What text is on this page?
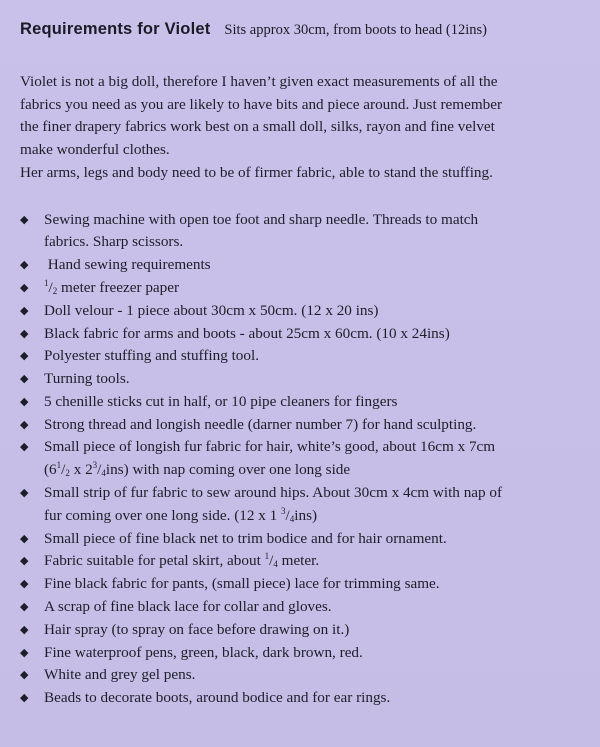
Requirements for Violet Sits approx 30cm, from boots to head (12ins)

Violet is not a big doll, therefore I haven’t given exact measurements of all the

fabrics you need as you are likely to have bits and piece around. Just remember

the finer drapery fabrics work best on a small doll, silks, rayon and fine velvet

make wonderful clothes.

Her arms, legs and body need to be of firmer fabric, able to stand the stuffing.

◆ Sewing machine with open toe foot and sharp needle. Threads to match
fabrics. Sharp scissors.
◆ Hand sewing requirements
◆ $^1/_2$ meter freezer paper
◆ Doll velour - 1 piece about 30cm x 50cm. (12 x 20 ins)
◆ Black fabric for arms and boots - about 25cm x 60cm. (10 x 24ins)
◆ Polyester stuffing and stuffing tool.
◆ Turning tools.
◆ 5 chenille sticks cut in half, or 10 pipe cleaners for fingers
◆ Strong thread and longish needle (darner number 7) for hand sculpting.
◆ Small piece of longish fur fabric for hair, white’s good, about 16cm x 7cm
($6^1/_2$ x $2^3/_4ins$) with nap coming over one long side
◆ Small strip of fur fabric to sew around hips. About 30cm x 4cm with nap of
fur coming over one long side. (12 x 1 $^3/_4ins$)
◆ Small piece of fine black net to trim bodice and for hair ornament.
◆ Fabric suitable for petal skirt, about $^1/_4$ meter.
◆ Fine black fabric for pants, (small piece) lace for trimming same.
◆ A scrap of fine black lace for collar and gloves.
◆ Hair spray (to spray on face before drawing on it.)
◆ Fine waterproof pens, green, black, dark brown, red.
◆ White and grey gel pens.
◆ Beads to decorate boots, around bodice and for ear rings.
